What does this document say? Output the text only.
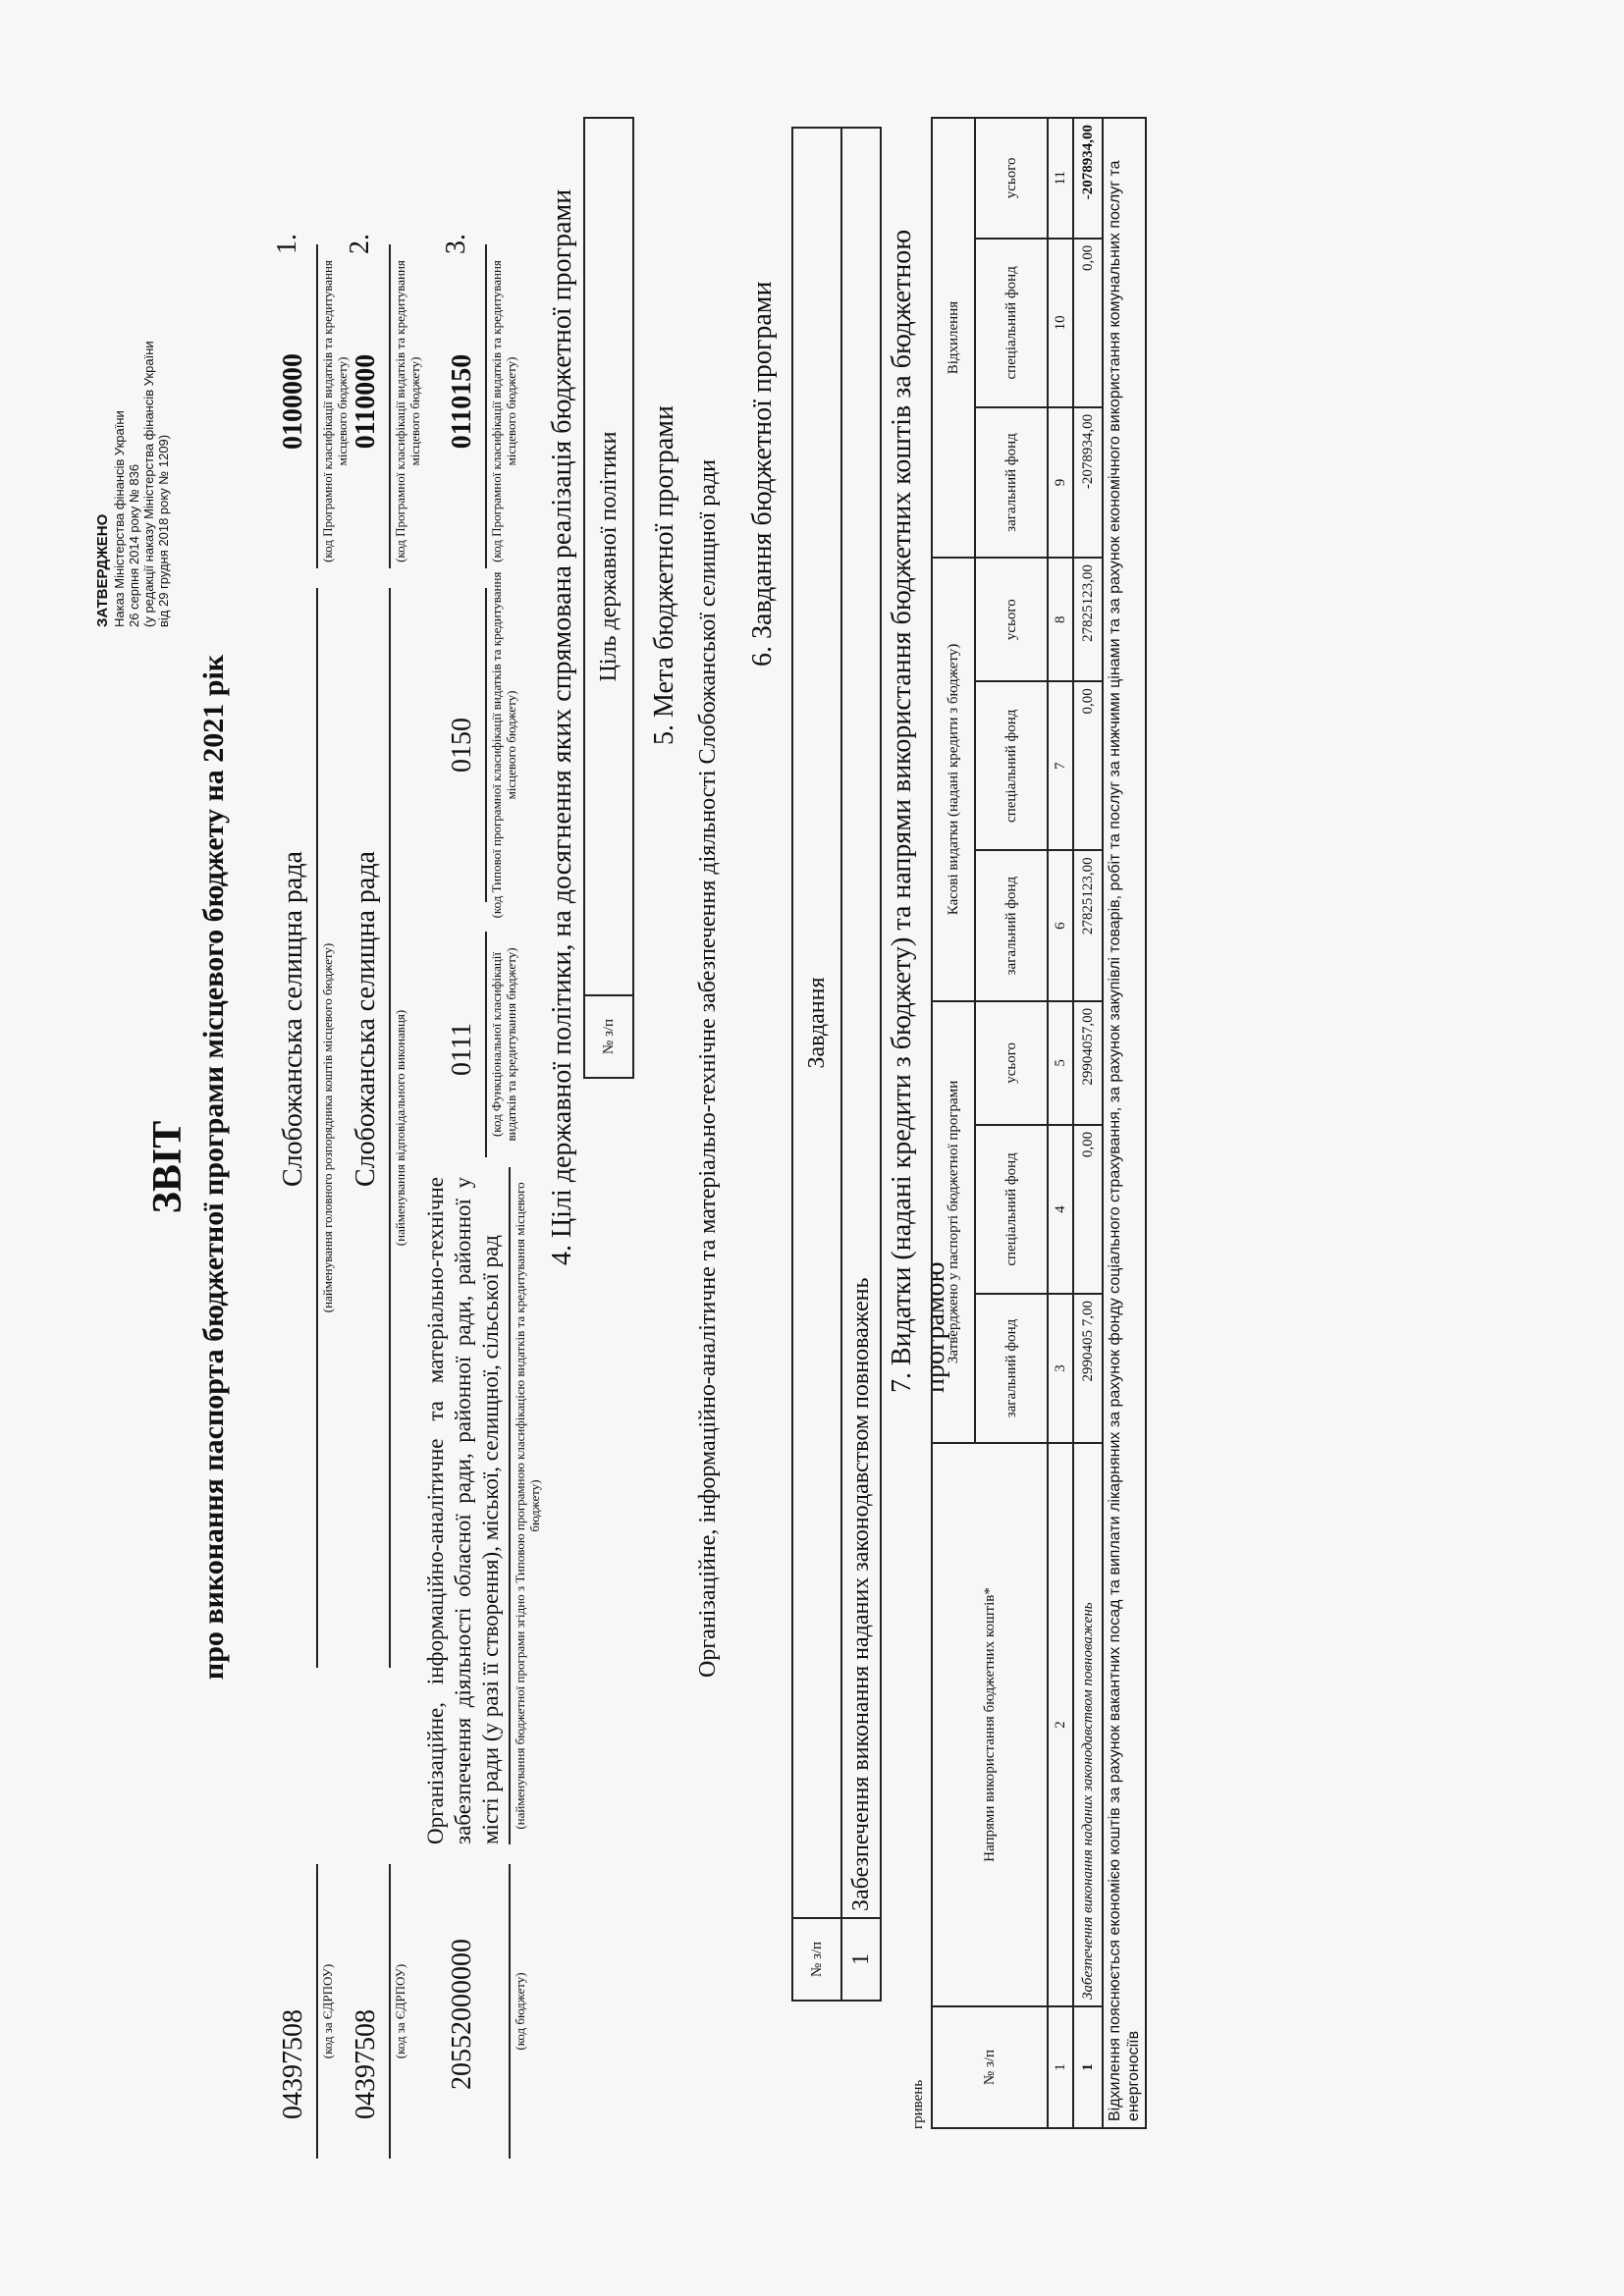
ЗАТВЕРДЖЕНО Наказ Міністерства фінансів України 26 серпня 2014 року № 836 (у редакції наказу Міністерства фінансів України від 29 грудня 2018 року № 1209)
ЗВІТ про виконання паспорта бюджетної програми місцевого бюджету на 2021 рік
1.
0100000 (код Програмної класифікації видатків та кредитування місцевого бюджету)
Слобожанська селищна рада (найменування головного розпорядника коштів місцевого бюджету)
04397508 (код за ЄДРПОУ)
2.
0110000 (код Програмної класифікації видатків та кредитування місцевого бюджету)
Слобожанська селищна рада (найменування відповідального виконавця)
04397508 (код за ЄДРПОУ)
3.
0110150 (код Програмної класифікації видатків та кредитування місцевого бюджету)
0150 (код Типової програмної класифікації видатків та кредитування місцевого бюджету)
0111 (код Функціональної класифікації видатків та кредитування бюджету)
Організаційне, інформаційно-аналітичне та матеріально-технічне забезпечення діяльності обласної ради, районної ради, районної у місті ради (у разі її створення), міської, селищної, сільської рад (найменування бюджетної програми згідно з Типовою програмною класифікацією видатків та кредитування місцевого бюджету)
20552000000	(код бюджету)
4. Цілі державної політики, на досягнення яких спрямована реалізація бюджетної програми № з/п	Ціль державної політики 5. Мета бюджетної програми Організаційне, інформаційно-аналітичне та матеріально-технічне забезпечення діяльності Слобожанської селищної ради 6. Завдання бюджетної програми
№ з/п	Завдання
1	Забезпечення виконання наданих законодавством повноважень
7. Видатки (надані кредити з бюджету) та напрями використання бюджетних коштів за бюджетною програмою
гривень
№ з/п	Напрями використання бюджетних коштів*	Затверджено у паспорті бюджетної програми			Касові видатки (надані кредити з бюджету)			Відхилення		
		загальний фонд	спеціальний фонд	усього	загальний фонд	спеціальний фонд	усього	загальний фонд	спеціальний фонд	усього
1	2	3	4	5	6	7	8	9	10	11
1	Забезпечення виконання наданих законодавством повноважень	2990405 7,00	0,00	29904057,00	27825123,00	0,00	27825123,00	-2078934,00	0,00	-2078934,00
Відхилення пояснюється економією коштів за рахунок вакантних посад та виплати лікарняних за рахунок фонду соціального страхування, за рахунок закупівлі товарів, робіт та послуг за нижчими цінами та за рахунок економічного використання комунальних послуг та енергоносіїв										
